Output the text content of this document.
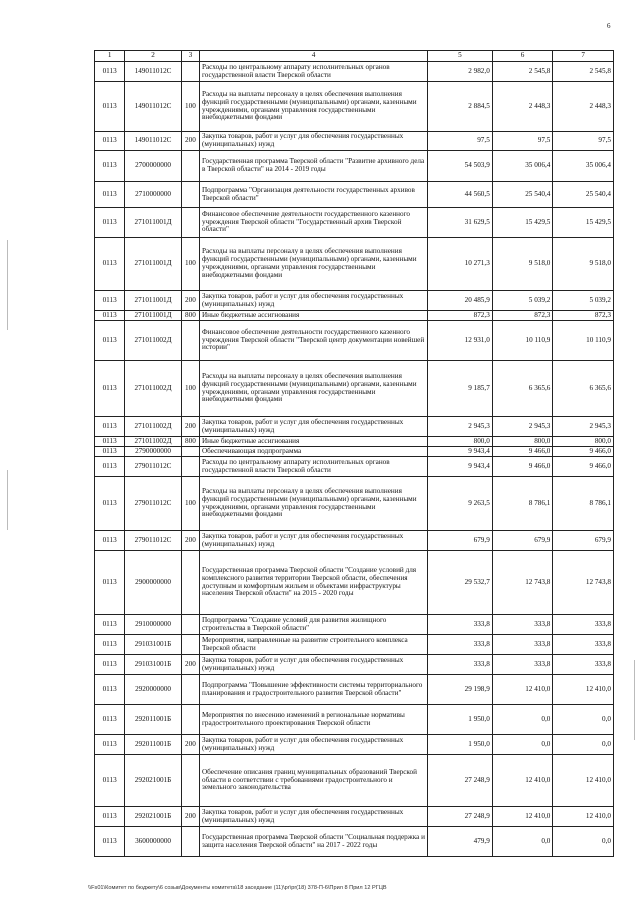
6
1	2	3	4	5	6	7
0113	149011012С		Расходы по центральному аппарату исполнительных органов государственной власти Тверской области	2 982,0	2 545,8	2 545,8
0113	149011012С	100	Расходы на выплаты персоналу в целях обеспечения выполнения функций государственными (муниципальными) органами, казенными учреждениями, органами управления государственными внебюджетными фондами	2 884,5	2 448,3	2 448,3
0113	149011012С	200	Закупка товаров, работ и услуг для обеспечения государственных (муниципальных) нужд	97,5	97,5	97,5
0113	2700000000		Государственная программа Тверской области "Развитие архивного дела в Тверской области" на 2014 - 2019 годы	54 503,9	35 006,4	35 006,4
0113	2710000000		Подпрограмма "Организация деятельности государственных архивов Тверской области"	44 560,5	25 540,4	25 540,4
0113	271011001Д		Финансовое обеспечение деятельности государственного казенного учреждения Тверской области "Государственный архив Тверской области"	31 629,5	15 429,5	15 429,5
0113	271011001Д	100	Расходы на выплаты персоналу в целях обеспечения выполнения функций государственными (муниципальными) органами, казенными учреждениями, органами управления государственными внебюджетными фондами	10 271,3	9 518,0	9 518,0
0113	271011001Д	200	Закупка товаров, работ и услуг для обеспечения государственных (муниципальных) нужд	20 485,9	5 039,2	5 039,2
0113	271011001Д	800	Иные бюджетные ассигнования	872,3	872,3	872,3
0113	271011002Д		Финансовое обеспечение деятельности государственного казенного учреждения Тверской области "Тверской центр документации новейшей истории"	12 931,0	10 110,9	10 110,9
0113	271011002Д	100	Расходы на выплаты персоналу в целях обеспечения выполнения функций государственными (муниципальными) органами, казенными учреждениями, органами управления государственными внебюджетными фондами	9 185,7	6 365,6	6 365,6
0113	271011002Д	200	Закупка товаров, работ и услуг для обеспечения государственных (муниципальных) нужд	2 945,3	2 945,3	2 945,3
0113	271011002Д	800	Иные бюджетные ассигнования	800,0	800,0	800,0
0113	2790000000		Обеспечивающая подпрограмма	9 943,4	9 466,0	9 466,0
0113	279011012С		Расходы по центральному аппарату исполнительных органов государственной власти Тверской области	9 943,4	9 466,0	9 466,0
0113	279011012С	100	Расходы на выплаты персоналу в целях обеспечения выполнения функций государственными (муниципальными) органами, казенными учреждениями, органами управления государственными внебюджетными фондами	9 263,5	8 786,1	8 786,1
0113	279011012С	200	Закупка товаров, работ и услуг для обеспечения государственных (муниципальных) нужд	679,9	679,9	679,9
0113	2900000000		Государственная программа Тверской области "Создание условий для комплексного развития территории Тверской области, обеспечения доступным и комфортным жильем и объектами инфраструктуры населения Тверской области" на 2015 - 2020 годы	29 532,7	12 743,8	12 743,8
0113	2910000000		Подпрограмма "Создание условий для развития жилищного строительства в Тверской области"	333,8	333,8	333,8
0113	291031001Б		Мероприятия, направленные на развитие строительного комплекса Тверской области	333,8	333,8	333,8
0113	291031001Б	200	Закупка товаров, работ и услуг для обеспечения государственных (муниципальных) нужд	333,8	333,8	333,8
0113	2920000000		Подпрограмма "Повышение эффективности системы территориального планирования и градостроительного развития Тверской области"	29 198,9	12 410,0	12 410,0
0113	292011001Б		Мероприятия по внесению изменений в региональные нормативы градостроительного проектирования Тверской области	1 950,0	0,0	0,0
0113	292011001Б	200	Закупка товаров, работ и услуг для обеспечения государственных (муниципальных) нужд	1 950,0	0,0	0,0
0113	292021001Б		Обеспечение описания границ муниципальных образований Тверской области в соответствии с требованиями градостроительного и земельного законодательства	27 248,9	12 410,0	12 410,0
0113	292021001Б	200	Закупка товаров, работ и услуг для обеспечения государственных (муниципальных) нужд	27 248,9	12 410,0	12 410,0
0113	3600000000		Государственная программа Тверской области "Социальная поддержка и защита населения Тверской области" на 2017 - 2022 годы	479,9	0,0	0,0
\\Fs01\Комитет по бюджету\6 созыв\Документы комитета\18 заседание (11)\pr\pr(18) 378-П-6\Прил 8 Прил 12 РГЦВ
